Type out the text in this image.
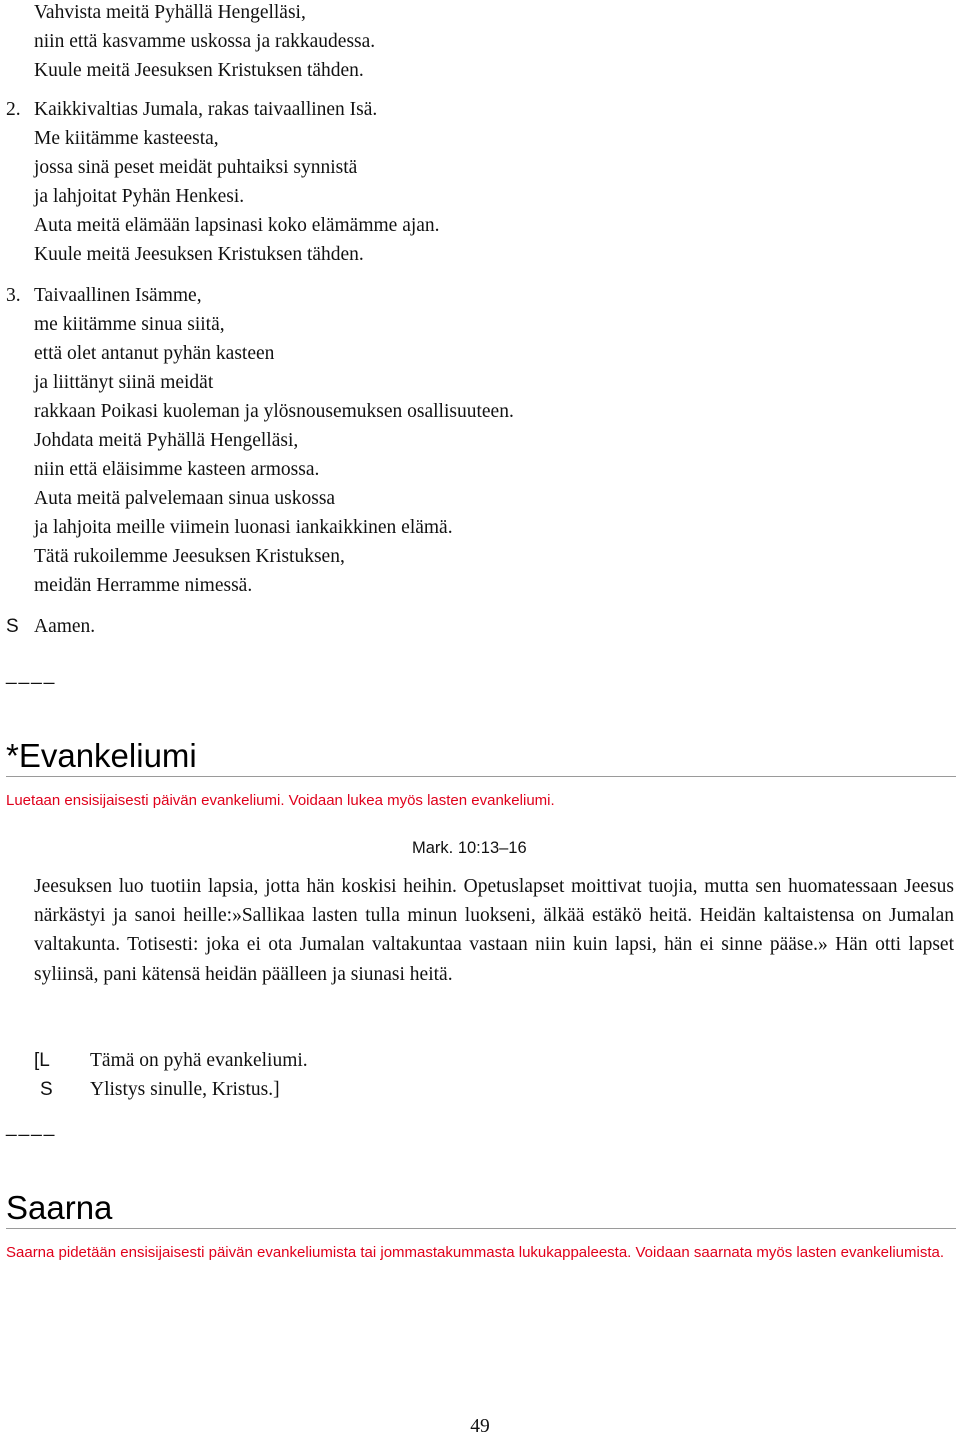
Vahvista meitä Pyhällä Hengelläsi,
niin että kasvamme uskossa ja rakkaudessa.
Kuule meitä Jeesuksen Kristuksen tähden.
2. Kaikkivaltias Jumala, rakas taivaallinen Isä.
Me kiitämme kasteesta,
jossa sinä peset meidät puhtaiksi synnistä
ja lahjoitat Pyhän Henkesi.
Auta meitä elämään lapsinasi koko elämämme ajan.
Kuule meitä Jeesuksen Kristuksen tähden.
3. Taivaallinen Isämme,
me kiitämme sinua siitä,
että olet antanut pyhän kasteen
ja liittänyt siinä meidät
rakkaan Poikasi kuoleman ja ylösnousemuksen osallisuuteen.
Johdata meitä Pyhällä Hengelläsi,
niin että eläisimme kasteen armossa.
Auta meitä palvelemaan sinua uskossa
ja lahjoita meille viimein luonasi iankaikkinen elämä.
Tätä rukoilemme Jeesuksen Kristuksen,
meidän Herramme nimessä.
S Aamen.
____
*Evankeliumi
Luetaan ensisijaisesti päivän evankeliumi. Voidaan lukea myös lasten evankeliumi.
Mark. 10:13–16
Jeesuksen luo tuotiin lapsia, jotta hän koskisi heihin. Opetuslapset moittivat tuojia, mutta sen huomatessaan Jeesus närkästyi ja sanoi heille:»Sallikaa lasten tulla minun luokseni, älkää estäkö heitä. Heidän kaltaistensa on Jumalan valtakunta. Totisesti: joka ei ota Jumalan valtakuntaa vastaan niin kuin lapsi, hän ei sinne pääse.» Hän otti lapset syliinsä, pani kätensä heidän päälleen ja siunasi heitä.
[L Tämä on pyhä evankeliumi.
S Ylistys sinulle, Kristus.]
____
Saarna
Saarna pidetään ensisijaisesti päivän evankeliumista tai jommastakummasta lukukappaleesta. Voidaan saarnata myös lasten evankeliumista.
49
